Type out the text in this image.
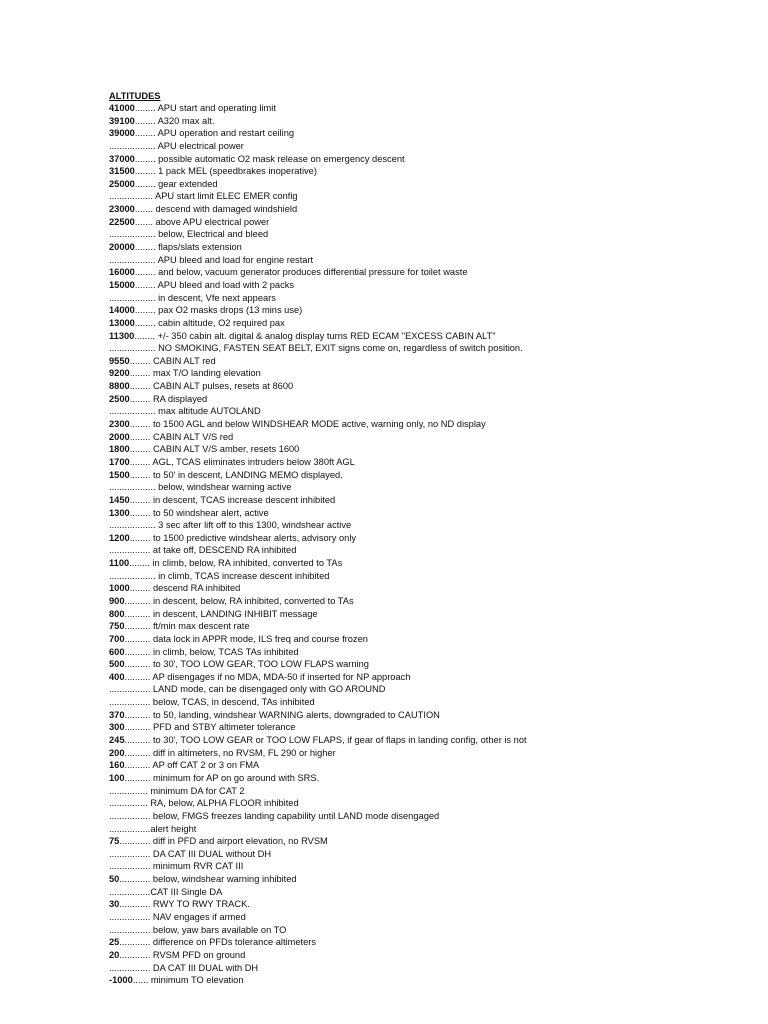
ALTITUDES
41000........ APU start and operating limit
39100........ A320 max alt.
39000........ APU operation and restart ceiling
.................. APU electrical power
37000........ possible automatic O2 mask release on emergency descent
31500........ 1 pack MEL (speedbrakes inoperative)
25000........ gear extended
................. APU start limit ELEC EMER config
23000....... descend with damaged windshield
22500....... above APU electrical power
.................. below, Electrical and bleed
20000........ flaps/slats extension
.................. APU bleed and load for engine restart
16000........ and below, vacuum generator produces differential pressure for toilet waste
15000........ APU bleed and load with 2 packs
.................. in descent, Vfe next appears
14000........ pax O2 masks drops (13 mins use)
13000........ cabin altitude, O2 required pax
11300........ +/- 350 cabin alt. digital & analog display turns RED ECAM "EXCESS CABIN ALT"
.................. NO SMOKING, FASTEN SEAT BELT, EXIT signs come on, regardless of switch position.
9550........ CABIN ALT red
9200........ max T/O landing elevation
8800........ CABIN ALT pulses, resets at 8600
2500........ RA displayed
.................. max altitude AUTOLAND
2300........ to 1500 AGL and below WINDSHEAR MODE active, warning only, no ND display
2000........ CABIN ALT V/S red
1800........ CABIN ALT V/S amber, resets 1600
1700........ AGL, TCAS eliminates intruders below 380ft AGL
1500........ to 50' in descent, LANDING MEMO displayed.
.................. below, windshear warning active
1450........ in descent, TCAS increase descent inhibited
1300........ to 50 windshear alert, active
.................. 3 sec after lift off to this 1300, windshear active
1200........ to 1500 predictive windshear alerts, advisory only
................ at take off, DESCEND RA inhibited
1100........ in climb, below, RA inhibited, converted to TAs
.................. in climb, TCAS increase descent inhibited
1000........ descend RA inhibited
900.......... in descent, below, RA inhibited, converted to TAs
800.......... in descent, LANDING INHIBIT message
750.......... ft/min max descent rate
700.......... data lock in APPR mode, ILS freq and course frozen
600.......... in climb, below, TCAS TAs inhibited
500.......... to 30', TOO LOW GEAR, TOO LOW FLAPS warning
400.......... AP disengages if no MDA, MDA-50 if inserted for NP approach
................ LAND mode, can be disengaged only with GO AROUND
................ below, TCAS, in descend, TAs inhibited
370.......... to 50, landing, windshear WARNING alerts, downgraded to CAUTION
300.......... PFD and STBY altimeter tolerance
245.......... to 30', TOO LOW GEAR or TOO LOW FLAPS, if gear of flaps in landing config, other is not
200.......... diff in altimeters, no RVSM, FL 290 or higher
160.......... AP off CAT 2 or 3 on FMA
100.......... minimum for AP on go around with SRS.
............... minimum DA for CAT 2
............... RA, below, ALPHA FLOOR inhibited
................ below, FMGS freezes landing capability until LAND mode disengaged
................alert height
75............ diff in PFD and airport elevation, no RVSM
................ DA CAT III DUAL without DH
................ minimum RVR CAT III
50............ below, windshear warning inhibited
................CAT III Single DA
30............ RWY TO RWY TRACK.
................ NAV engages if armed
................ below, yaw bars available on TO
25............ difference on PFDs tolerance altimeters
20............ RVSM PFD on ground
................ DA CAT III DUAL with DH
-1000...... minimum TO elevation
